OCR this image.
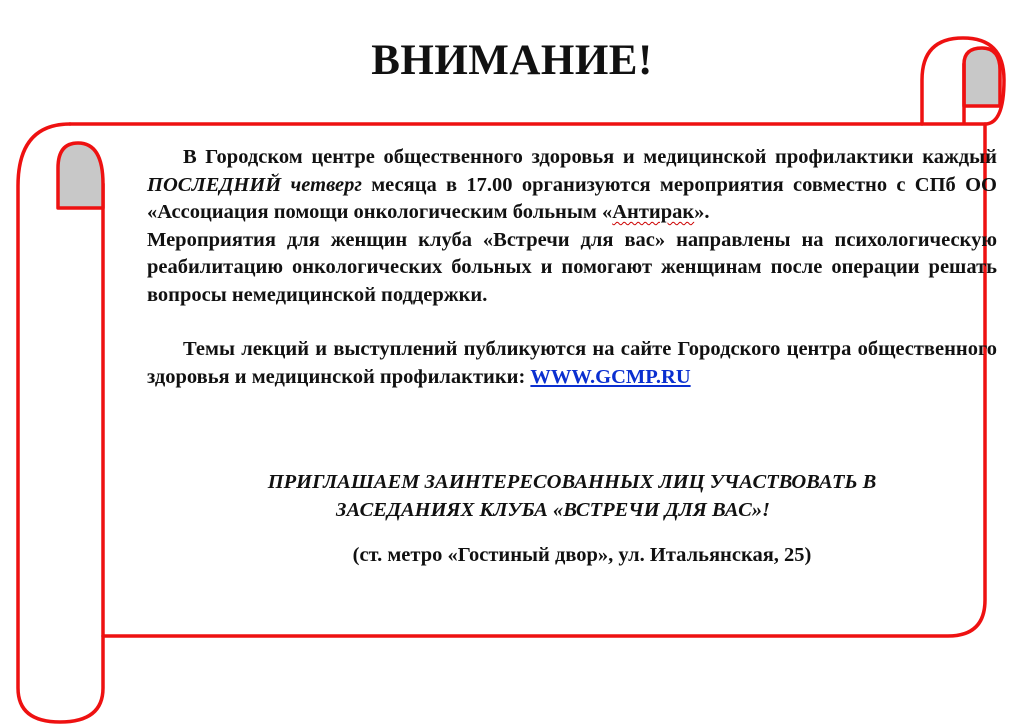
ВНИМАНИЕ!

В Городском центре общественного здоровья и медицинской профилактики каждый ПОСЛЕДНИЙ четверг месяца в 17.00 организуются мероприятия совместно с СПб ОО «Ассоциация помощи онкологическим больным «Антирак».

Мероприятия для женщин клуба «Встречи для вас» направлены на психологическую реабилитацию онкологических больных и помогают женщинам после операции решать вопросы немедицинской поддержки.

Темы лекций и выступлений публикуются на сайте Городского центра общественного здоровья и медицинской профилактики: WWW.GCMP.RU

ПРИГЛАШАЕМ ЗАИНТЕРЕСОВАННЫХ ЛИЦ УЧАСТВОВАТЬ В
ЗАСЕДАНИЯХ КЛУБА «ВСТРЕЧИ ДЛЯ ВАС»!
(ст. метро «Гостиный двор», ул. Итальянская, 25)
